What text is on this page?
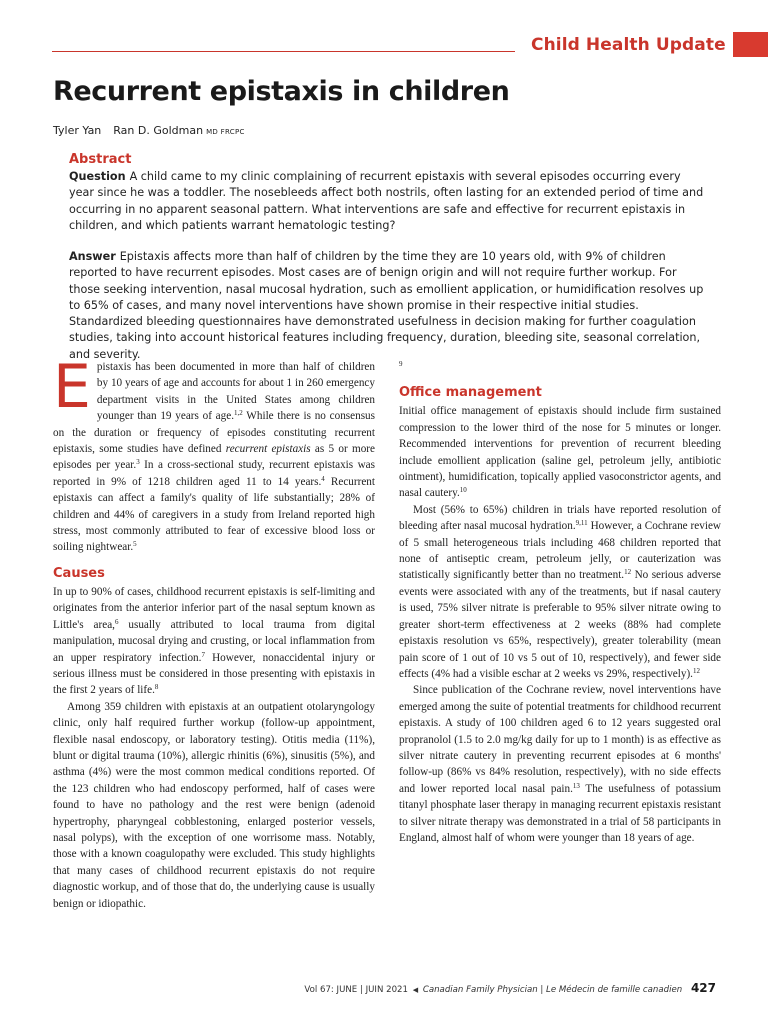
Child Health Update
Recurrent epistaxis in children
Tyler Yan Ran D. Goldman MD FRCPC
Abstract

Question A child came to my clinic complaining of recurrent epistaxis with several episodes occurring every year since he was a toddler. The nosebleeds affect both nostrils, often lasting for an extended period of time and occurring in no apparent seasonal pattern. What interventions are safe and effective for recurrent epistaxis in children, and which patients warrant hematologic testing?

Answer Epistaxis affects more than half of children by the time they are 10 years old, with 9% of children reported to have recurrent episodes. Most cases are of benign origin and will not require further workup. For those seeking intervention, nasal mucosal hydration, such as emollient application, or humidification resolves up to 65% of cases, and many novel interventions have shown promise in their respective initial studies. Standardized bleeding questionnaires have demonstrated usefulness in decision making for further coagulation studies, taking into account historical features including frequency, duration, bleeding site, seasonal correlation, and severity.

Epistaxis has been documented in more than half of children by 10 years of age and accounts for about 1 in 260 emergency department visits in the United States among children younger than 19 years of age.$^{1,2}$ While there is no consensus on the duration or frequency of episodes constituting recurrent epistaxis, some studies have defined recurrent epistaxis as 5 or more episodes per year.$^3$ In a cross-sectional study, recurrent epistaxis was reported in 9% of 1218 children aged 11 to 14 years.$^4$ Recurrent epistaxis can affect a family's quality of life substantially; 28% of children and 44% of caregivers in a study from Ireland reported high stress, most commonly attributed to fear of excessive blood loss or soiling nightwear.$^5$

Causes

In up to 90% of cases, childhood recurrent epistaxis is self-limiting and originates from the anterior inferior part of the nasal septum known as Little's area,$^6$ usually attributed to local trauma from digital manipulation, mucosal drying and crusting, or local inflammation from an upper respiratory infection.$^7$ However, nonaccidental injury or serious illness must be considered in those presenting with epistaxis in the first 2 years of life.$^8$

Among 359 children with epistaxis at an outpatient otolaryngology clinic, only half required further workup (follow-up appointment, flexible nasal endoscopy, or laboratory testing). Otitis media (11%), blunt or digital trauma (10%), allergic rhinitis (6%), sinusitis (5%), and asthma (4%) were the most common medical conditions reported. Of the 123 children who had endoscopy performed, half of cases were found to have no pathology and the rest were benign (adenoid hypertrophy, pharyngeal cobblestoning, enlarged posterior vessels, nasal polyps), with the exception of one worrisome mass. Notably, those with a known coagulopathy were excluded. This study highlights that many cases of childhood recurrent epistaxis do not require diagnostic workup, and of those that do, the underlying cause is usually benign or idiopathic.

$^9$

Office management

Initial office management of epistaxis should include firm sustained compression to the lower third of the nose for 5 minutes or longer. Recommended interventions for prevention of recurrent bleeding include emollient application (saline gel, petroleum jelly, antibiotic ointment), humidification, topically applied vasoconstrictor agents, and nasal cautery.$^{10}$

Most (56% to 65%) children in trials have reported resolution of bleeding after nasal mucosal hydration.$^{9,11}$ However, a Cochrane review of 5 small heterogeneous trials including 468 children reported that none of antiseptic cream, petroleum jelly, or cauterization was statistically significantly better than no treatment.$^{12}$ No serious adverse events were associated with any of the treatments, but if nasal cautery is used, 75% silver nitrate is preferable to 95% silver nitrate owing to greater short-term effectiveness at 2 weeks (88% had complete epistaxis resolution vs 65%, respectively), greater tolerability (mean pain score of 1 out of 10 vs 5 out of 10, respectively), and fewer side effects (4% had a visible eschar at 2 weeks vs 29%, respectively).$^{12}$

Since publication of the Cochrane review, novel interventions have emerged among the suite of potential treatments for childhood recurrent epistaxis. A study of 100 children aged 6 to 12 years suggested oral propranolol (1.5 to 2.0 mg/kg daily for up to 1 month) is as effective as silver nitrate cautery in preventing recurrent episodes at 6 months' follow-up (86% vs 84% resolution, respectively), with no side effects and lower reported local nasal pain.$^{13}$ The usefulness of potassium titanyl phosphate laser therapy in managing recurrent epistaxis resistant to silver nitrate therapy was demonstrated in a trial of 58 participants in England, almost half of whom were younger than 18 years of age.

Vol 67: JUNE | JUIN 2021 ◀ Canadian Family Physician | Le Médecin de famille canadien 427
